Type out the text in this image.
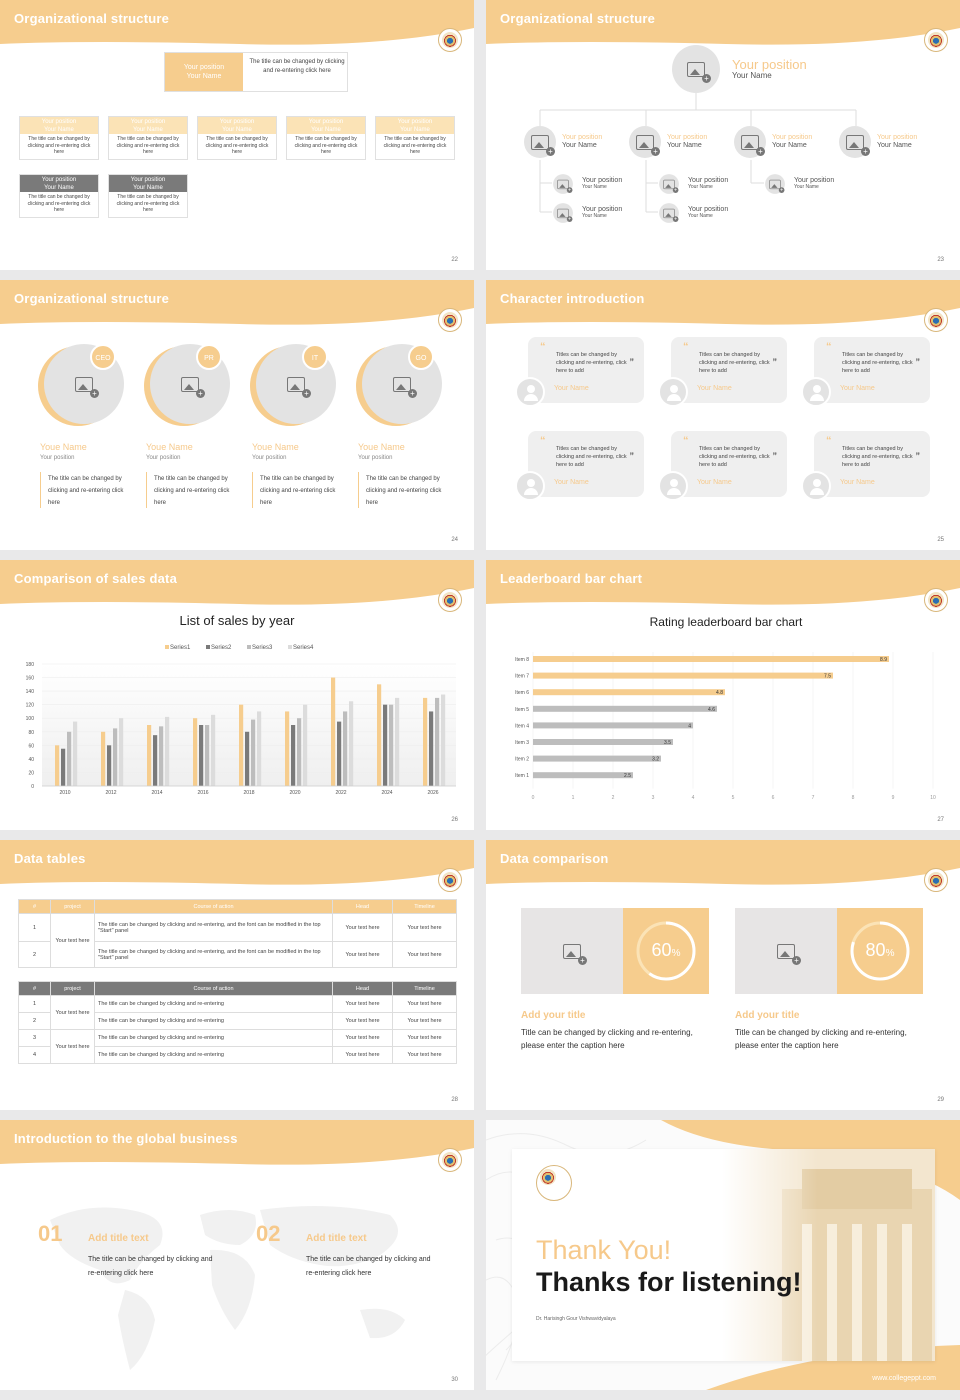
Organizational structure
Your position
Your Name
The title can be changed by clicking and re-entering click here
Your position
Your Name
The title can be changed by clicking and re-entering click here
Your position
Your Name
The title can be changed by clicking and re-entering click here
Your position
Your Name
The title can be changed by clicking and re-entering click here
Your position
Your Name
The title can be changed by clicking and re-entering click here
Your position
Your Name
The title can be changed by clicking and re-entering click here
Your position
Your Name
The title can be changed by clicking and re-entering click here
Your position
Your Name
The title can be changed by clicking and re-entering click here
22
Organizational structure
+
Your position
Your Name
+
Your position
Your Name
+
Your position
Your Name
+
Your position
Your Name
+
Your position
Your Name
+
Your position
Your Name
+
Your position
Your Name
+
Your position
Your Name
+
Your position
Your Name
+
Your position
Your Name
23
Organizational structure
+
CEO
Youe Name
Your position
The title can be changed by clicking and re-entering click here
+
PR
Youe Name
Your position
The title can be changed by clicking and re-entering click here
+
IT
Youe Name
Your position
The title can be changed by clicking and re-entering click here
+
GO
Youe Name
Your position
The title can be changed by clicking and re-entering click here
24
Character introduction
“
Titles can be changed by clicking and re-entering, click here to add
”
Your Name
“
Titles can be changed by clicking and re-entering, click here to add
”
Your Name
“
Titles can be changed by clicking and re-entering, click here to add
”
Your Name
“
Titles can be changed by clicking and re-entering, click here to add
”
Your Name
“
Titles can be changed by clicking and re-entering, click here to add
”
Your Name
“
Titles can be changed by clicking and re-entering, click here to add
”
Your Name
25
Comparison of sales data
List of sales by year
0
20
40
60
80
100
120
140
160
180
2010	2012	2014	2016	2018	2020	2022	2024	2026
Series1	Series2	Series3	Series4
26
Leaderboard bar chart
Rating leaderboard bar chart
0	1	2	3	4	5	6	7	8	9	10
Item 8	8.9
Item 7	7.5
Item 6	4.8
Item 5	4.6
Item 4	4
Item 3	3.5
Item 2	3.2
Item 1	2.5
27
Data tables
#	project	Course of action	Head	Timeline
1	Your text here	The title can be changed by clicking and re-entering, and the font can be modified in the top "Start" panel	Your text here	Your text here
2		The title can be changed by clicking and re-entering, and the font can be modified in the top "Start" panel	Your text here	Your text here
#	project	Course of action	Head	Timeline
1	Your text here	The title can be changed by clicking and re-entering	Your text here	Your text here
2		The title can be changed by clicking and re-entering	Your text here	Your text here
3	Your text here	The title can be changed by clicking and re-entering	Your text here	Your text here
4		The title can be changed by clicking and re-entering	Your text here	Your text here
28
Data comparison
+
60%
Add your title
Title can be changed by clicking and re-entering, please enter the caption here
+
80%
Add your title
Title can be changed by clicking and re-entering, please enter the caption here
29
Introduction to the global business
01	Add title text
The title can be changed by clicking and re-entering click here
02	Add title text
The title can be changed by clicking and re-entering click here
30
Thank You!
Thanks for listening!
Dr. Harisingh Gour Vishwavidyalaya
www.collegeppt.com
